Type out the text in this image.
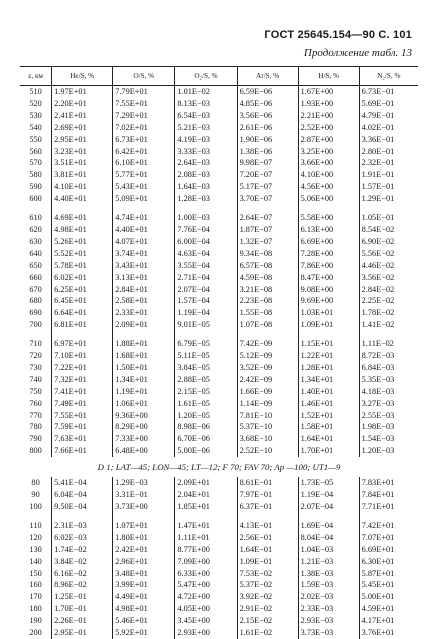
ГОСТ 25645.154—90 С. 101
Продолжение табл. 13
z, км	He/S, %	O/S, %	O₂/S, %	Ar/S, %	H/S, %	N₂/S, %
510	1.97E+01	7.79E+01	1.01E−02	6.59E−06	1.67E+00	6.73E−01
520	2.20E+01	7.55E+01	8.13E−03	4.85E−06	1.93E+00	5.69E−01
530	2.41E+01	7.29E+01	6.54E−03	3.56E−06	2.21E+00	4.79E−01
540	2.69E+01	7.02E+01	5.21E−03	2.61E−06	2.52E+00	4.02E−01
550	2.95E+01	6.73E+01	4.19E−03	1.90E−06	2.87E+00	3.36E−01
560	3.23E+01	6.42E+01	3.33E−03	1.38E−06	3.25E+00	2.80E−01
570	3.51E+01	6.10E+01	2.64E−03	9.98E−07	3.66E+00	2.32E−01
580	3.81E+01	5.77E+01	2.08E−03	7.20E−07	4.10E+00	1.91E−01
590	4.10E+01	5.43E+01	1.64E−03	5.17E−07	4.56E+00	1.57E−01
600	4.40E+01	5.09E+01	1.28E−03	3.70E−07	5.06E+00	1.29E−01

610	4.69E+01	4.74E+01	1.00E−03	2.64E−07	5.58E+00	1.05E−01
620	4.98E+01	4.40E+01	7.76E−04	1.87E−07	6.13E+00	8.54E−02
630	5.26E+01	4.07E+01	6.00E−04	1.32E−07	6.69E+00	6.90E−02
640	5.52E+01	3.74E+01	4.63E−04	9.34E−08	7.28E+00	5.56E−02
650	5.78E+01	3.43E+01	3.55E−04	6.57E−08	7.86E+00	4.46E−02
660	6.02E+01	3.13E+01	2.71E−04	4.59E−08	8.47E+00	3.56E−02
670	6.25E+01	2.84E+01	2.07E−04	3.21E−08	9.08E+00	2.84E−02
680	6.45E+01	2.58E+01	1.57E−04	2.23E−08	9.69E+00	2.25E−02
690	6.64E+01	2.33E+01	1.19E−04	1.55E−08	1.03E+01	1.78E−02
700	6.81E+01	2.09E+01	9.01E−05	1.07E−08	1.09E+01	1.41E−02

710	6.97E+01	1.88E+01	6.79E−05	7.42E−09	1.15E+01	1.11E−02
720	7.10E+01	1.68E+01	5.11E−05	5.12E−09	1.22E+01	8.72E−03
730	7.22E+01	1.50E+01	3.84E−05	3.52E−09	1.28E+01	6.84E−03
740	7.32E+01	1.34E+01	2.88E−05	2.42E−09	1.34E+01	5.35E−03
750	7.41E+01	1.19E+01	2.15E−05	1.66E−09	1.40E+01	4.18E−03
760	7.49E+01	1.06E+01	1.61E−05	1.14E−09	1.46E+01	3.27E−03
770	7.55E+01	9.36E+00	1.20E−05	7.81E−10	1.52E+01	2.55E−03
780	7.59E+01	8.29E+00	8.98E−06	5.37E−10	1.58E+01	1.98E−03
790	7.63E+01	7.33E+00	6.70E−06	3.68E−10	1.64E+01	1.54E−03
800	7.66E+01	6.48E+00	5.00E−06	2.52E−10	1.70E+01	1.20E−03
D 1; LAT—45; LON—45; LT—12; F 70; FAV 70; Ap —100; UT1—9						
80	5.41E−04	1.29E−03	2.09E+01	8.61E−01	1.73E−05	7.83E+01
90	6.04E−04	3.31E−01	2.04E+01	7.97E−01	1.19E−04	7.84E+01
100	9.50E−04	3.73E+00	1.85E+01	6.37E−01	2.07E−04	7.71E+01

110	2.31E−03	1.07E+01	1.47E+01	4.13E−01	1.69E−04	7.42E+01
120	6.02E−03	1.80E+01	1.11E+01	2.56E−01	8.04E−04	7.07E+01
130	1.74E−02	2.42E+01	8.77E+00	1.64E−01	1.04E−03	6.69E+01
140	3.84E−02	2.96E+01	7.09E+00	1.09E−01	1.21E−03	6.30E+01
150	6.16E−02	3.48E+01	6.33E+00	7.53E−02	1.38E−03	5.87E+01
160	8.96E−02	3.99E+01	5.47E+00	5.37E−02	1.59E−03	5.45E+01
170	1.25E−01	4.49E+01	4.72E+00	3.92E−02	2.02E−03	5.00E+01
180	1.70E−01	4.98E+01	4.05E+00	2.91E−02	2.33E−03	4.59E+01
190	2.26E−01	5.46E+01	3.45E+00	2.15E−02	2.93E−03	4.17E+01
200	2.95E−01	5.92E+01	2.93E+00	1.61E−02	3.73E−03	3.76E+01
